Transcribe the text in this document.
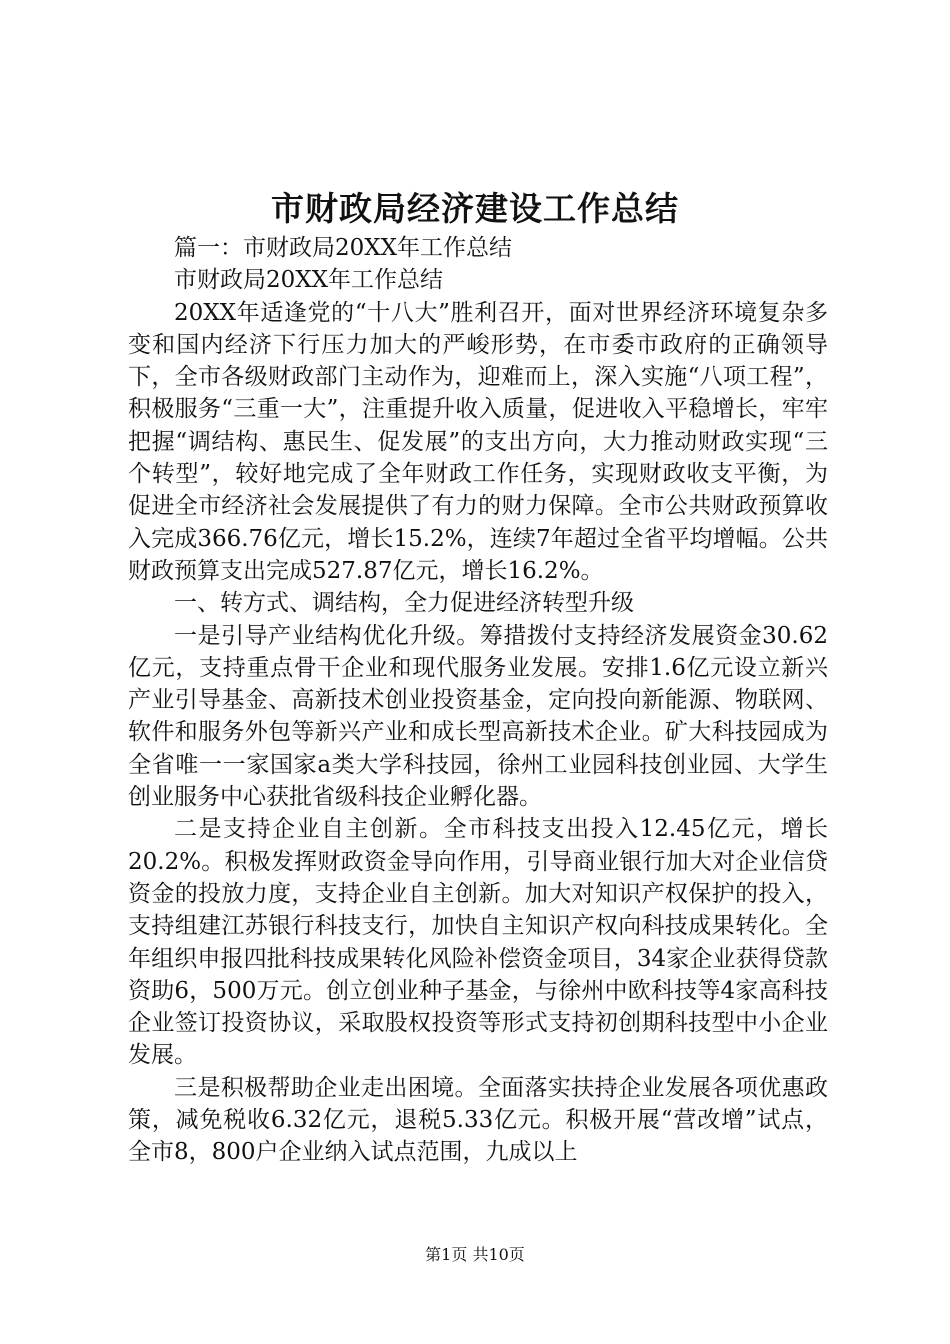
市财政局经济建设工作总结

篇一：市财政局20XX年工作总结

市财政局20XX年工作总结

20XX年适逢党的“十八大”胜利召开，面对世界经济环境复杂多变和国内经济下行压力加大的严峻形势，在市委市政府的正确领导下，全市各级财政部门主动作为，迎难而上，深入实施“八项工程”，积极服务“三重一大”，注重提升收入质量，促进收入平稳增长，牢牢把握“调结构、惠民生、促发展”的支出方向，大力推动财政实现“三个转型”，较好地完成了全年财政工作任务，实现财政收支平衡，为促进全市经济社会发展提供了有力的财力保障。全市公共财政预算收入完成366.76亿元，增长15.2%，连续7年超过全省平均增幅。公共财政预算支出完成527.87亿元，增长16.2%。

一、转方式、调结构，全力促进经济转型升级

一是引导产业结构优化升级。筹措拨付支持经济发展资金30.62亿元，支持重点骨干企业和现代服务业发展。安排1.6亿元设立新兴产业引导基金、高新技术创业投资基金，定向投向新能源、物联网、软件和服务外包等新兴产业和成长型高新技术企业。矿大科技园成为全省唯一一家国家a类大学科技园，徐州工业园科技创业园、大学生创业服务中心获批省级科技企业孵化器。

二是支持企业自主创新。全市科技支出投入12.45亿元，增长20.2%。积极发挥财政资金导向作用，引导商业银行加大对企业信贷资金的投放力度，支持企业自主创新。加大对知识产权保护的投入，支持组建江苏银行科技支行，加快自主知识产权向科技成果转化。全年组织申报四批科技成果转化风险补偿资金项目，34家企业获得贷款资助6，500万元。创立创业种子基金，与徐州中欧科技等4家高科技企业签订投资协议，采取股权投资等形式支持初创期科技型中小企业发展。

三是积极帮助企业走出困境。全面落实扶持企业发展各项优惠政策，减免税收6.32亿元，退税5.33亿元。积极开展“营改增”试点，全市8，800户企业纳入试点范围，九成以上

第1页 共10页
